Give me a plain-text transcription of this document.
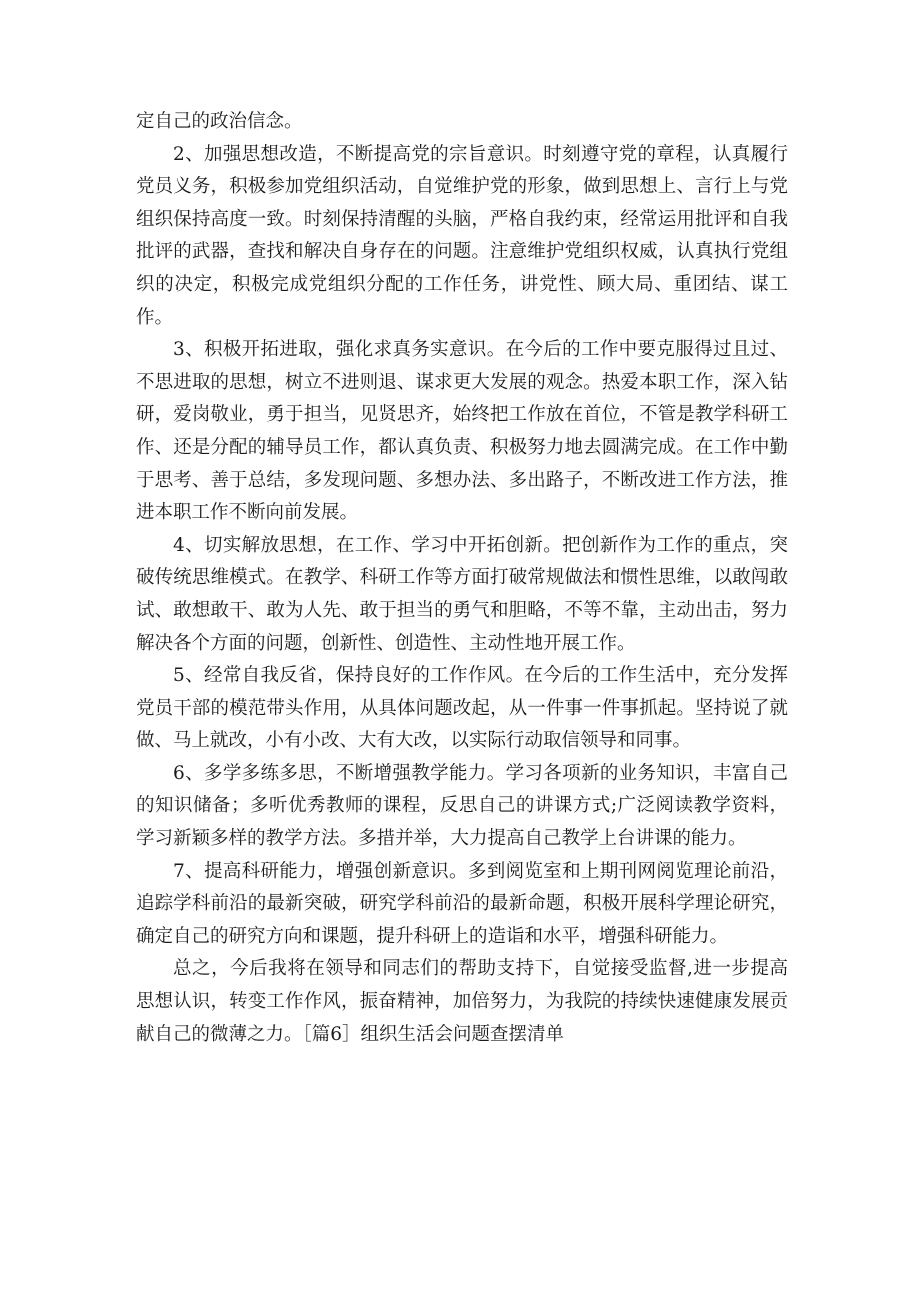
定自己的政治信念。

2、加强思想改造，不断提高党的宗旨意识。时刻遵守党的章程，认真履行党员义务，积极参加党组织活动，自觉维护党的形象，做到思想上、言行上与党组织保持高度一致。时刻保持清醒的头脑，严格自我约束，经常运用批评和自我批评的武器，查找和解决自身存在的问题。注意维护党组织权威，认真执行党组织的决定，积极完成党组织分配的工作任务，讲党性、顾大局、重团结、谋工作。

3、积极开拓进取，强化求真务实意识。在今后的工作中要克服得过且过、不思进取的思想，树立不进则退、谋求更大发展的观念。热爱本职工作，深入钻研，爱岗敬业，勇于担当，见贤思齐，始终把工作放在首位，不管是教学科研工作、还是分配的辅导员工作，都认真负责、积极努力地去圆满完成。在工作中勤于思考、善于总结，多发现问题、多想办法、多出路子，不断改进工作方法，推进本职工作不断向前发展。

4、切实解放思想，在工作、学习中开拓创新。把创新作为工作的重点，突破传统思维模式。在教学、科研工作等方面打破常规做法和惯性思维，以敢闯敢试、敢想敢干、敢为人先、敢于担当的勇气和胆略，不等不靠，主动出击，努力解决各个方面的问题，创新性、创造性、主动性地开展工作。

5、经常自我反省，保持良好的工作作风。在今后的工作生活中，充分发挥党员干部的模范带头作用，从具体问题改起，从一件事一件事抓起。坚持说了就做、马上就改，小有小改、大有大改，以实际行动取信领导和同事。

6、多学多练多思，不断增强教学能力。学习各项新的业务知识，丰富自己的知识储备；多听优秀教师的课程，反思自己的讲课方式;广泛阅读教学资料，学习新颖多样的教学方法。多措并举，大力提高自己教学上台讲课的能力。

7、提高科研能力，增强创新意识。多到阅览室和上期刊网阅览理论前沿，追踪学科前沿的最新突破，研究学科前沿的最新命题，积极开展科学理论研究，确定自己的研究方向和课题，提升科研上的造诣和水平，增强科研能力。

总之，今后我将在领导和同志们的帮助支持下，自觉接受监督,进一步提高思想认识，转变工作作风，振奋精神，加倍努力，为我院的持续快速健康发展贡献自己的微薄之力。［篇6］组织生活会问题查摆清单
